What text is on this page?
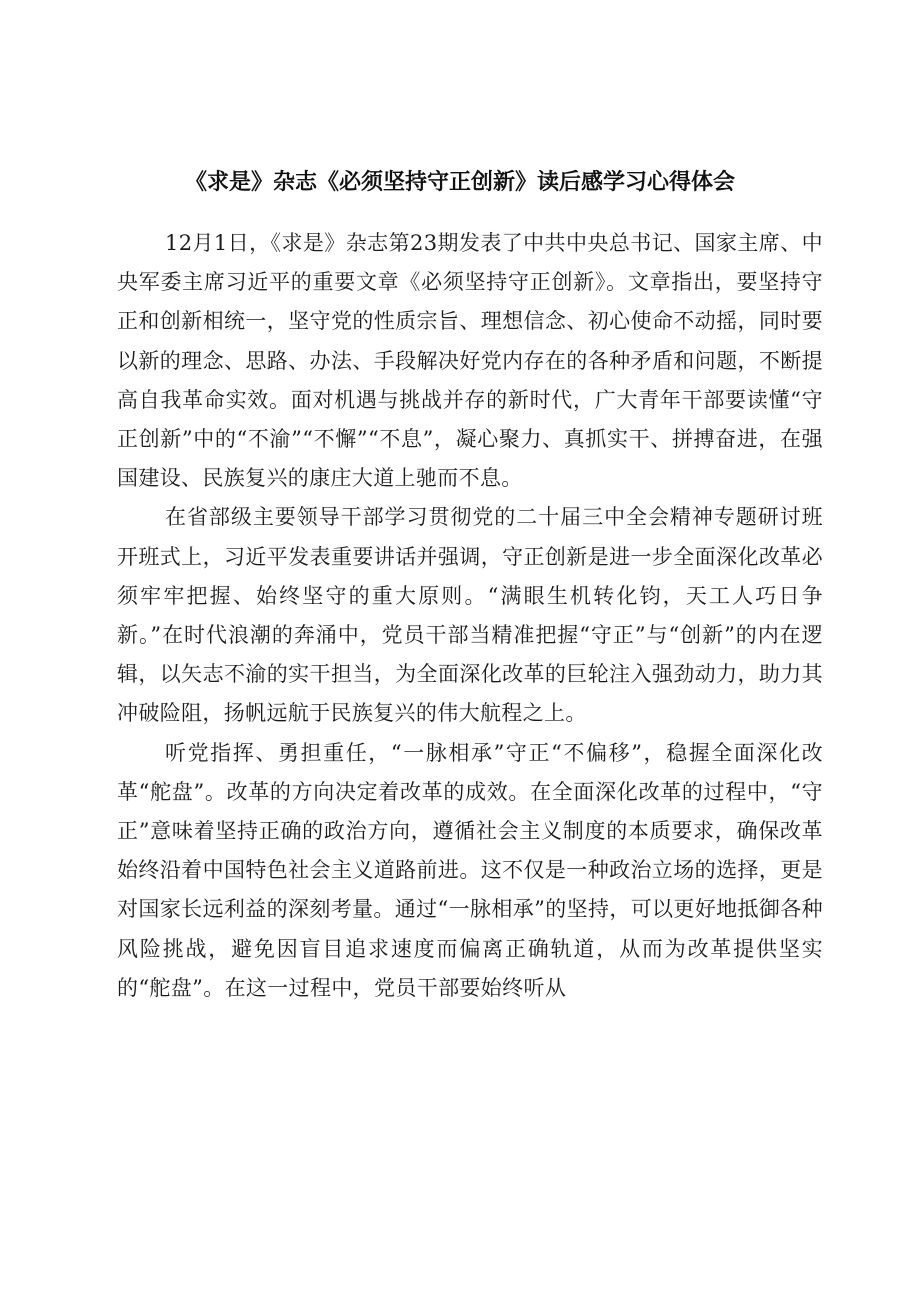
《求是》杂志《必须坚持守正创新》读后感学习心得体会

12月1日，《求是》杂志第23期发表了中共中央总书记、国家主席、中央军委主席习近平的重要文章《必须坚持守正创新》。文章指出，要坚持守正和创新相统一，坚守党的性质宗旨、理想信念、初心使命不动摇，同时要以新的理念、思路、办法、手段解决好党内存在的各种矛盾和问题，不断提高自我革命实效。面对机遇与挑战并存的新时代，广大青年干部要读懂“守正创新”中的“不渝”“不懈”“不息”，凝心聚力、真抓实干、拼搏奋进，在强国建设、民族复兴的康庄大道上驰而不息。

在省部级主要领导干部学习贯彻党的二十届三中全会精神专题研讨班开班式上，习近平发表重要讲话并强调，守正创新是进一步全面深化改革必须牢牢把握、始终坚守的重大原则。“满眼生机转化钧，天工人巧日争新。”在时代浪潮的奔涌中，党员干部当精准把握“守正”与“创新”的内在逻辑，以矢志不渝的实干担当，为全面深化改革的巨轮注入强劲动力，助力其冲破险阻，扬帆远航于民族复兴的伟大航程之上。

听党指挥、勇担重任，“一脉相承”守正“不偏移”，稳握全面深化改革“舵盘”。改革的方向决定着改革的成效。在全面深化改革的过程中，“守正”意味着坚持正确的政治方向，遵循社会主义制度的本质要求，确保改革始终沿着中国特色社会主义道路前进。这不仅是一种政治立场的选择，更是对国家长远利益的深刻考量。通过“一脉相承”的坚持，可以更好地抵御各种风险挑战，避免因盲目追求速度而偏离正确轨道，从而为改革提供坚实的“舵盘”。在这一过程中，党员干部要始终听从
